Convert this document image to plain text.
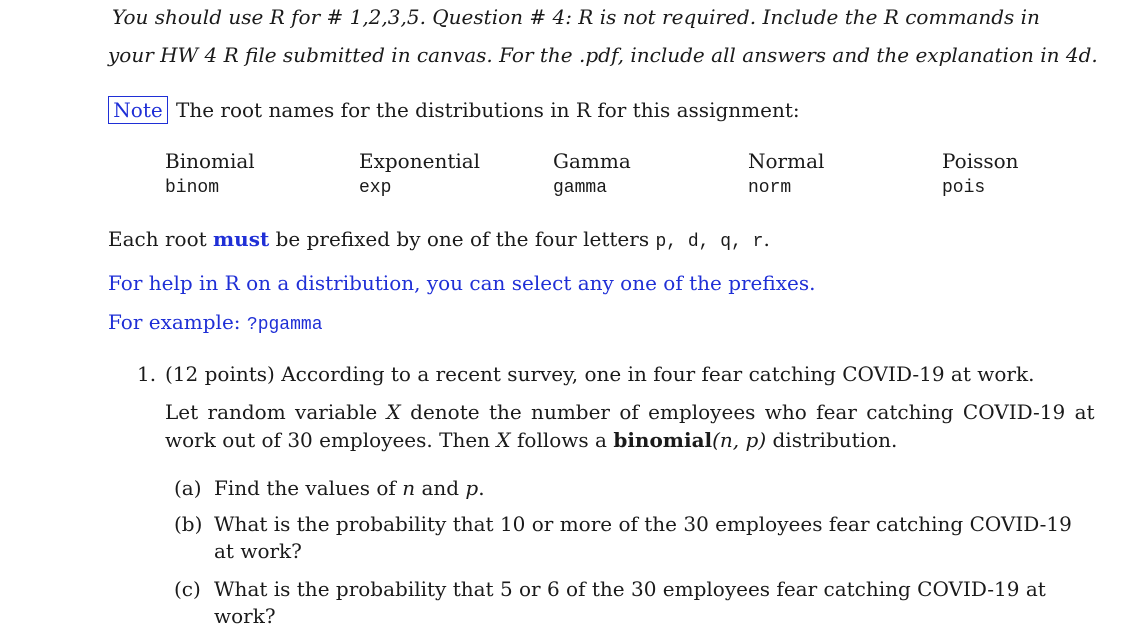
You should use R for # 1,2,3,5. Question # 4: R is not required. Include the R commands in
your HW 4 R file submitted in canvas. For the .pdf, include all answers and the explanation in 4d.
Note The root names for the distributions in R for this assignment:
Binomial	Exponential	Gamma	Normal	Poisson
binom	exp	gamma	norm	pois
Each root must be prefixed by one of the four letters p, d, q, r.
For help in R on a distribution, you can select any one of the prefixes.
For example: ?pgamma
1. (12 points) According to a recent survey, one in four fear catching COVID-19 at work.
Let random variable X denote the number of employees who fear catching COVID-19 at
work out of 30 employees. Then X follows a binomial(n, p) distribution.
(a) Find the values of n and p.
(b) What is the probability that 10 or more of the 30 employees fear catching COVID-19
at work?
(c) What is the probability that 5 or 6 of the 30 employees fear catching COVID-19 at
work?
